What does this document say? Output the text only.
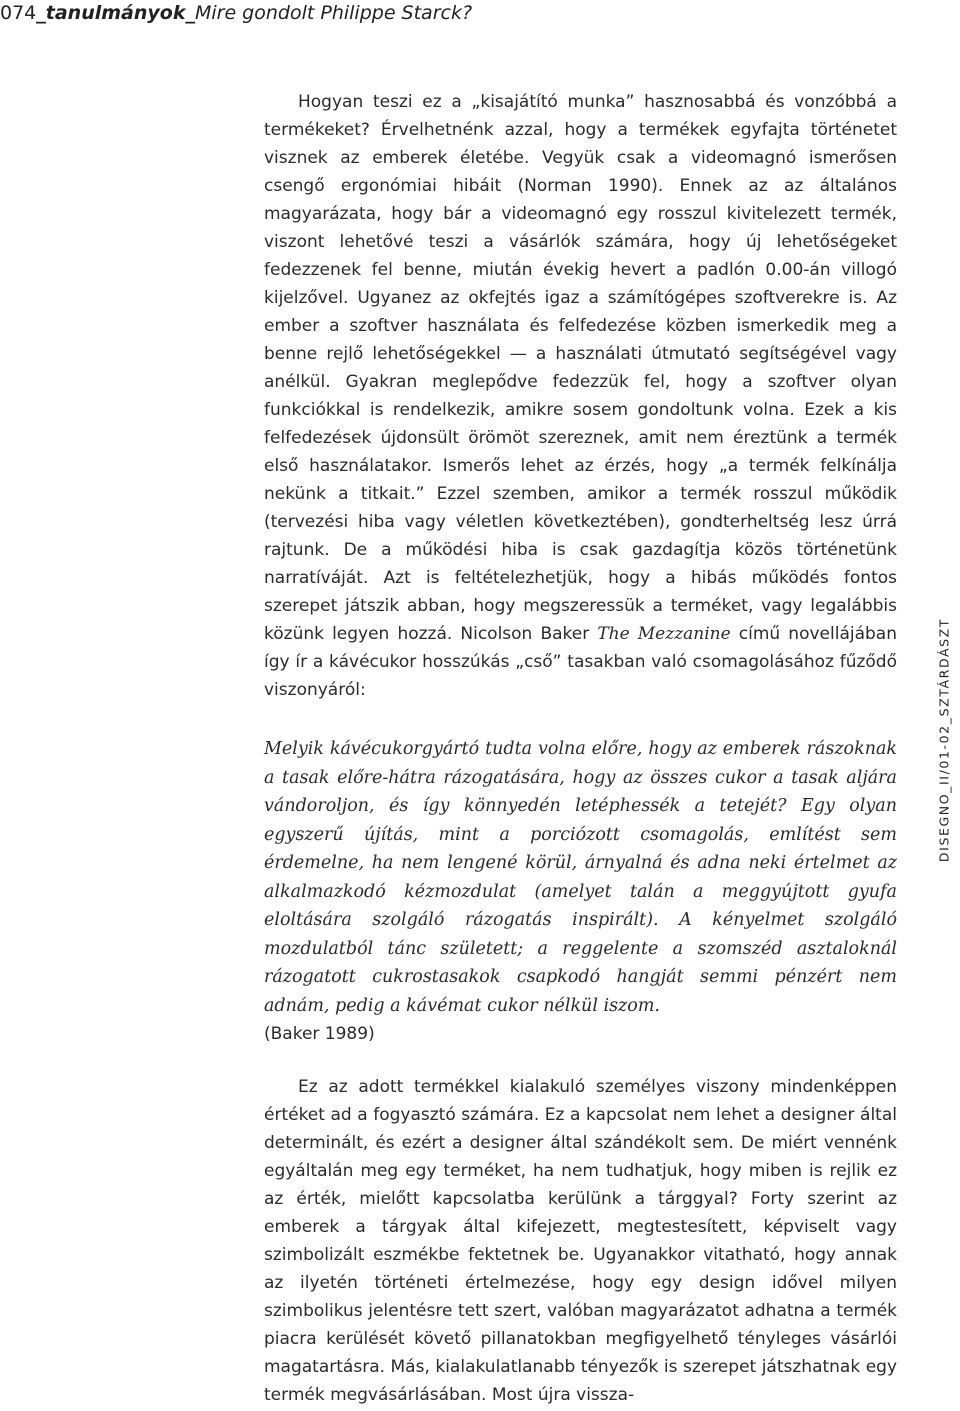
074_tanulmányok_Mire gondolt Philippe Starck?
DISEGNO_II/01-02_SZTÁRDÁSZT

Hogyan teszi ez a „kisajátító munka” hasznosabbá és vonzóbbá a termékeket? Érvelhetnénk azzal, hogy a termékek egyfajta történetet visznek az emberek életébe. Vegyük csak a videomagnó ismerősen csengő ergonómiai hibáit (Norman 1990). Ennek az az általános magyarázata, hogy bár a videomagnó egy rosszul kivitelezett termék, viszont lehetővé teszi a vásárlók számára, hogy új lehetőségeket fedezzenek fel benne, miután évekig hevert a padlón 0.00-án villogó kijelzővel. Ugyanez az okfejtés igaz a számítógépes szoftverekre is. Az ember a szoftver használata és felfedezése közben ismerkedik meg a benne rejlő lehetőségekkel — a használati útmutató segítségével vagy anélkül. Gyakran meglepődve fedezzük fel, hogy a szoftver olyan funkciókkal is rendelkezik, amikre sosem gondoltunk volna. Ezek a kis felfedezések újdonsült örömöt szereznek, amit nem éreztünk a termék első használatakor. Ismerős lehet az érzés, hogy „a termék felkínálja nekünk a titkait.” Ezzel szemben, amikor a termék rosszul működik (tervezési hiba vagy véletlen következtében), gondterheltség lesz úrrá rajtunk. De a működési hiba is csak gazdagítja közös történetünk narratíváját. Azt is feltételezhetjük, hogy a hibás működés fontos szerepet játszik abban, hogy megszeressük a terméket, vagy legalábbis közünk legyen hozzá. Nicolson Baker The Mezzanine című novellájában így ír a kávécukor hosszúkás „cső” tasakban való csomagolásához fűződő viszonyáról:

Melyik kávécukorgyártó tudta volna előre, hogy az emberek rászoknak a tasak előre-hátra rázogatására, hogy az összes cukor a tasak aljára vándoroljon, és így könnyedén letéphessék a tetejét? Egy olyan egyszerű újítás, mint a porciózott csomagolás, említést sem érdemelne, ha nem lengené körül, árnyalná és adna neki értelmet az alkalmazkodó kézmozdulat (amelyet talán a meggyújtott gyufa eloltására szolgáló rázogatás inspirált). A kényelmet szolgáló mozdulatból tánc született; a reggelente a szomszéd asztaloknál rázogatott cukrostasakok csapkodó hangját semmi pénzért nem adnám, pedig a kávémat cukor nélkül iszom.
(Baker 1989)

Ez az adott termékkel kialakuló személyes viszony mindenképpen értéket ad a fogyasztó számára. Ez a kapcsolat nem lehet a designer által determinált, és ezért a designer által szándékolt sem. De miért vennénk egyáltalán meg egy terméket, ha nem tudhatjuk, hogy miben is rejlik ez az érték, mielőtt kapcsolatba kerülünk a tárggyal? Forty szerint az emberek a tárgyak által kifejezett, megtestesített, képviselt vagy szimbolizált eszmékbe fektetnek be. Ugyanakkor vitatható, hogy annak az ilyetén történeti értelmezése, hogy egy design idővel milyen szimbolikus jelentésre tett szert, valóban magyarázatot adhatna a termék piacra kerülését követő pillanatokban megfigyelhető tényleges vásárlói magatartásra. Más, kialakulatlanabb tényezők is szerepet játszhatnak egy termék megvásárlásában. Most újra vissza-
